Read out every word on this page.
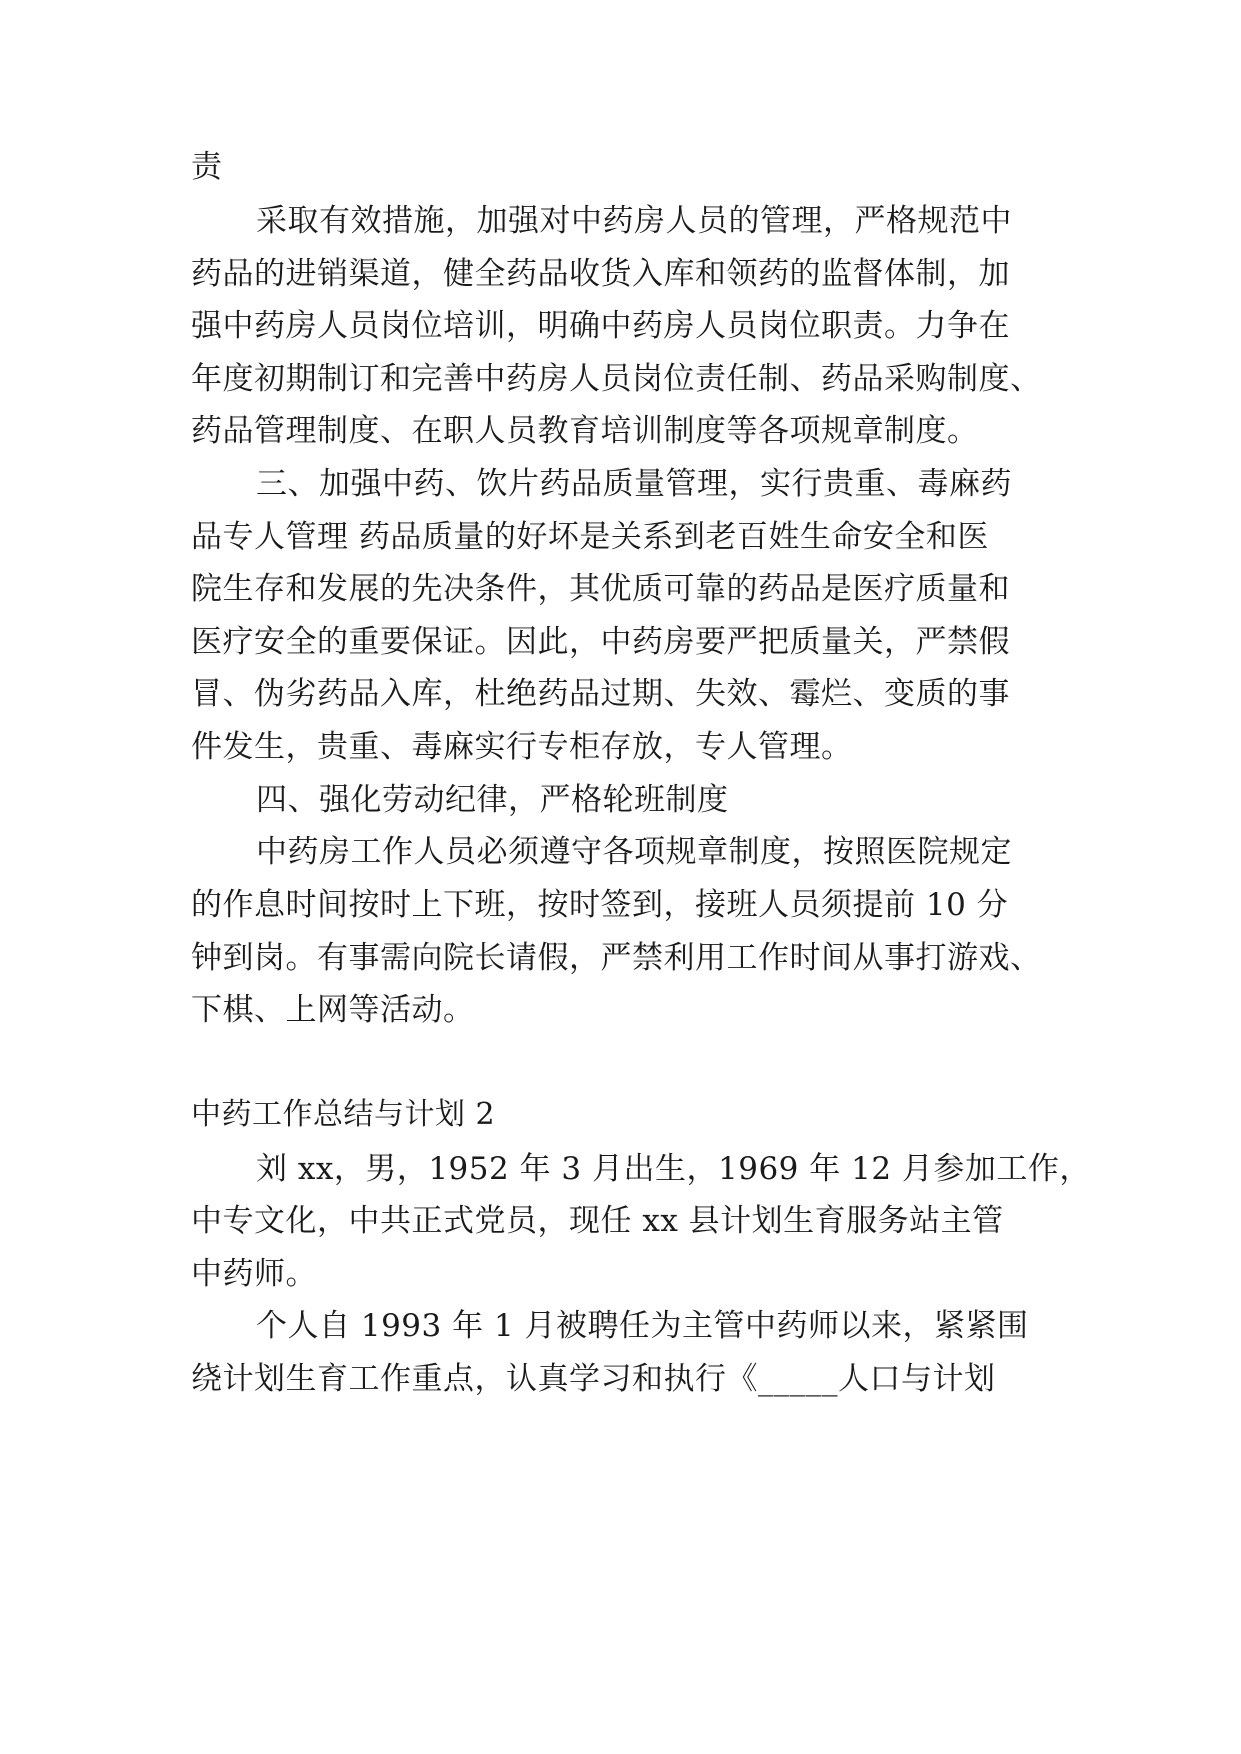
责
采取有效措施，加强对中药房人员的管理，严格规范中
药品的进销渠道，健全药品收货入库和领药的监督体制，加
强中药房人员岗位培训，明确中药房人员岗位职责。力争在
年度初期制订和完善中药房人员岗位责任制、药品采购制度、
药品管理制度、在职人员教育培训制度等各项规章制度。
三、加强中药、饮片药品质量管理，实行贵重、毒麻药
品专人管理 药品质量的好坏是关系到老百姓生命安全和医
院生存和发展的先决条件，其优质可靠的药品是医疗质量和
医疗安全的重要保证。因此，中药房要严把质量关，严禁假
冒、伪劣药品入库，杜绝药品过期、失效、霉烂、变质的事
件发生，贵重、毒麻实行专柜存放，专人管理。
四、强化劳动纪律，严格轮班制度
中药房工作人员必须遵守各项规章制度，按照医院规定
的作息时间按时上下班，按时签到，接班人员须提前 10 分
钟到岗。有事需向院长请假，严禁利用工作时间从事打游戏、
下棋、上网等活动。
中药工作总结与计划 2
刘 xx，男，1952 年 3 月出生，1969 年 12 月参加工作，
中专文化，中共正式党员，现任 xx 县计划生育服务站主管
中药师。
个人自 1993 年 1 月被聘任为主管中药师以来，紧紧围
绕计划生育工作重点，认真学习和执行《_____人口与计划
